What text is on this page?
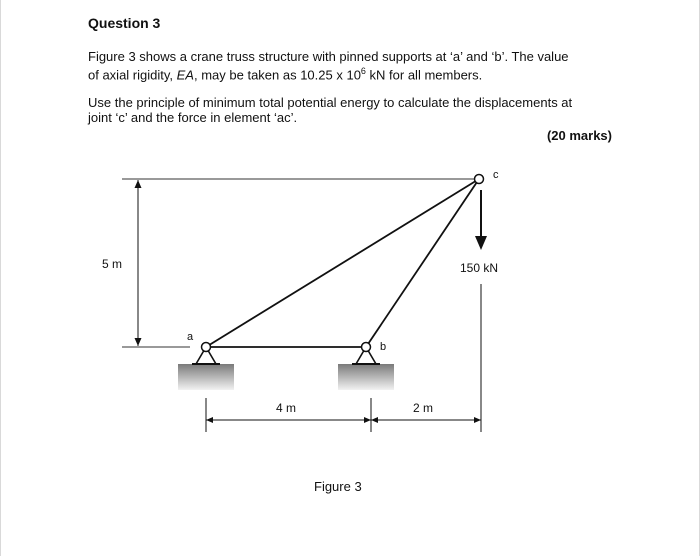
Question 3

Figure 3 shows a crane truss structure with pinned supports at ‘a’ and ‘b’. The value
of axial rigidity, EA, may be taken as 10.25 x $10^6$ kN for all members.

Use the principle of minimum total potential energy to calculate the displacements at
joint ‘c’ and the force in element ‘ac’.

(20 marks)
5 m
a
b
c
150 kN
4 m	2 m
Figure 3
